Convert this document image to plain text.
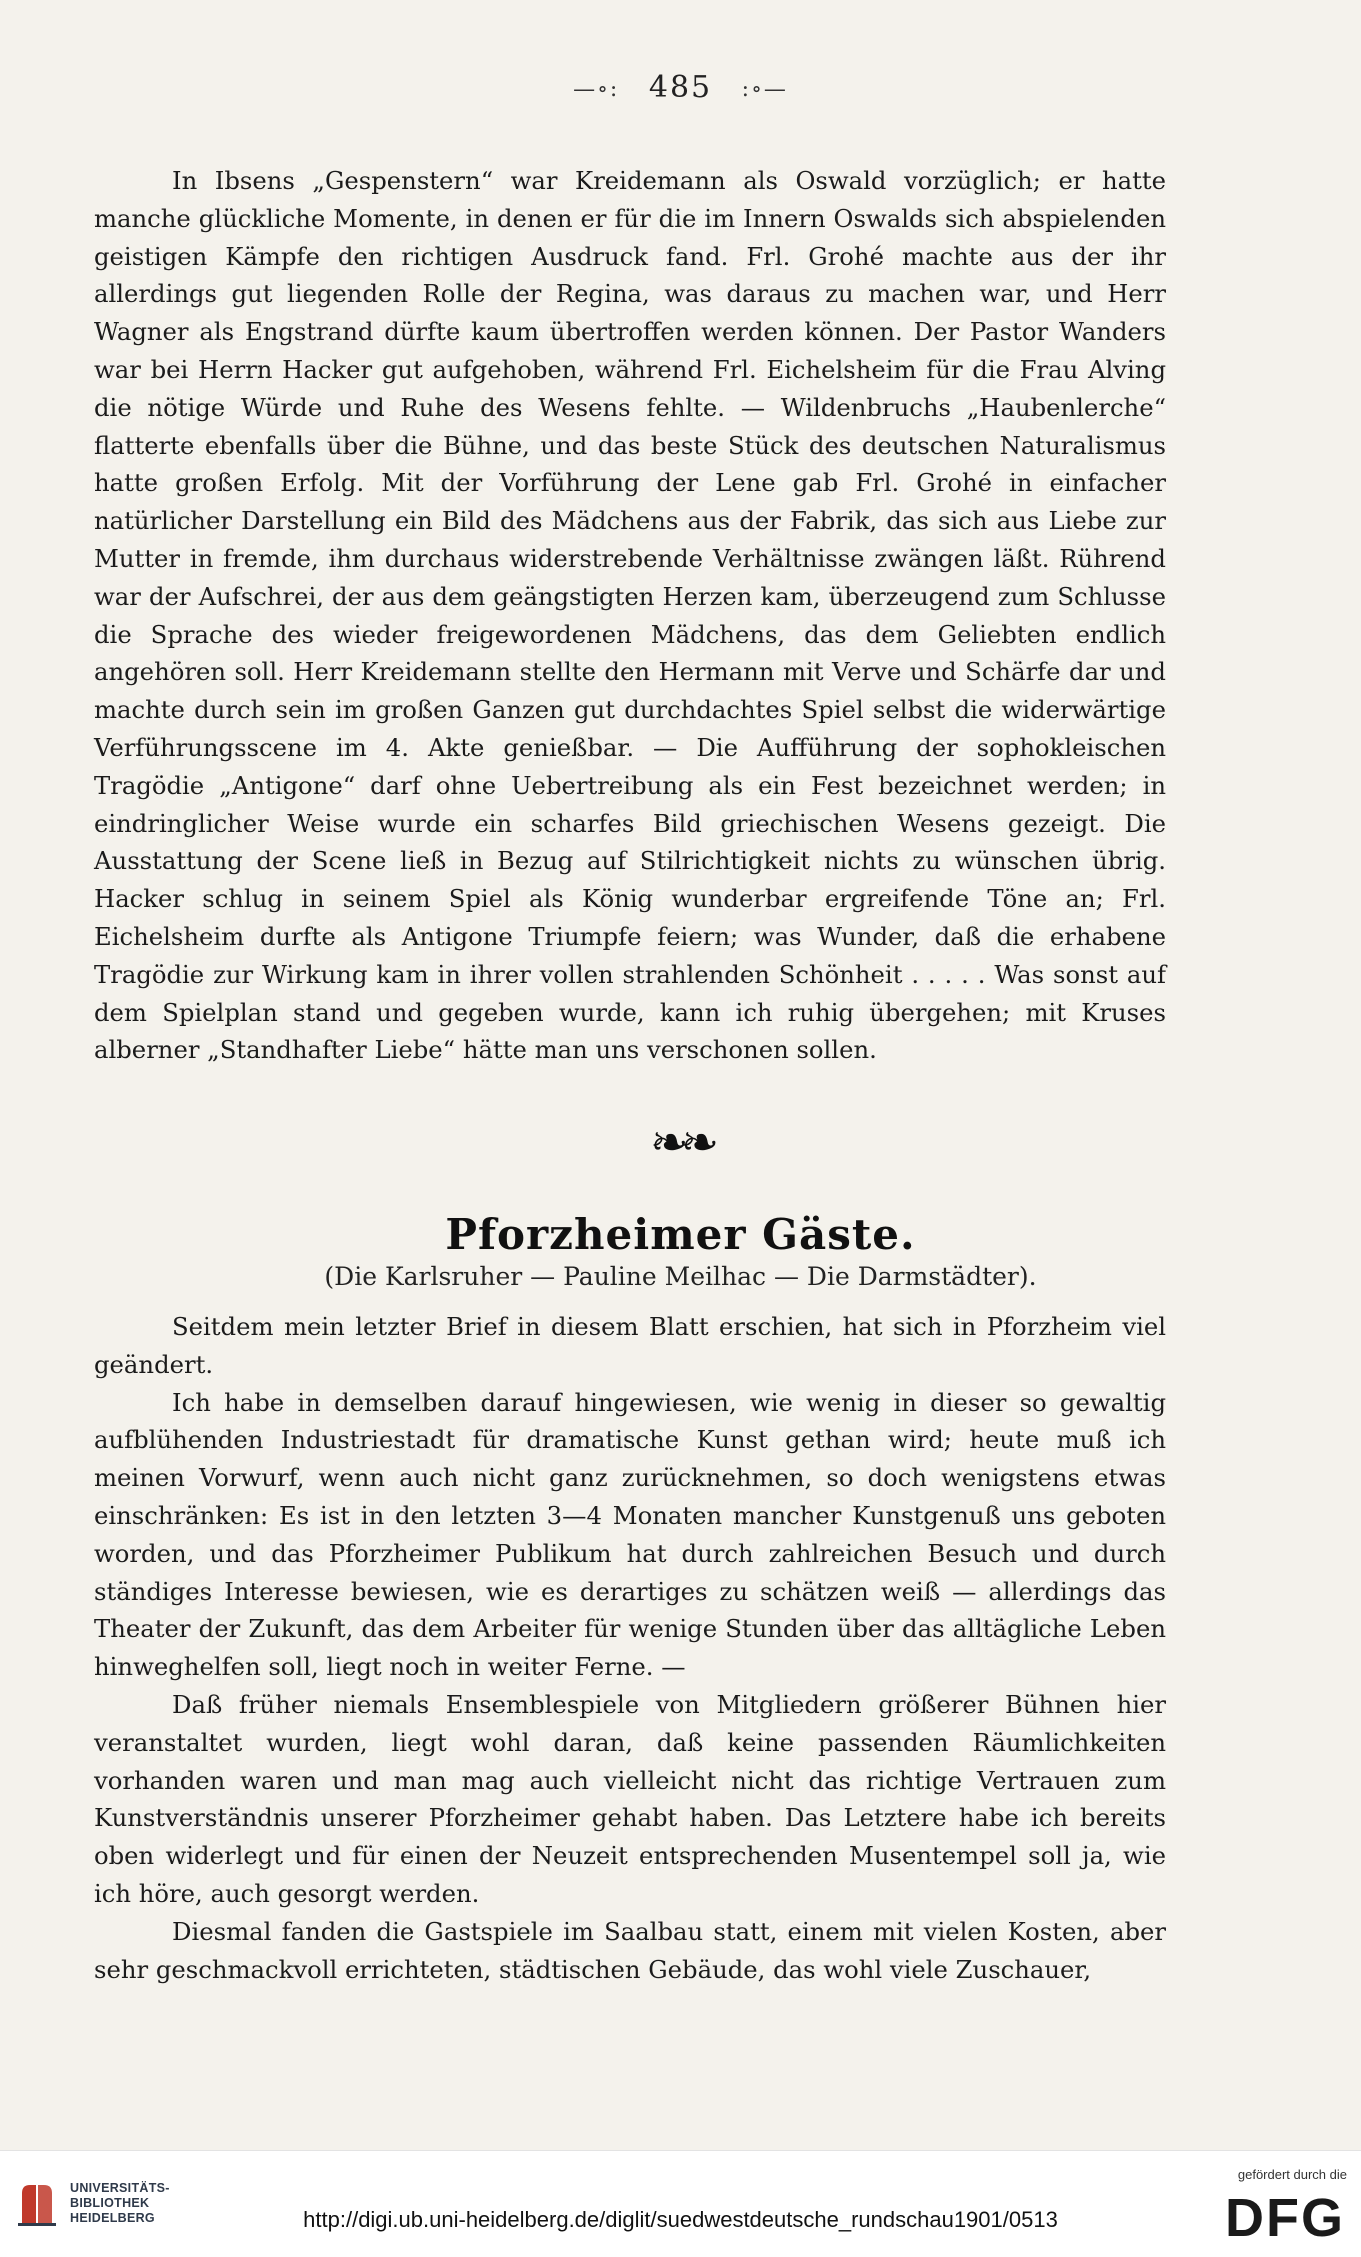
—∘: 485 :∘—

In Ibsens „Gespenstern“ war Kreidemann als Oswald vorzüglich; er hatte manche glückliche Momente, in denen er für die im Innern Oswalds sich abspielenden geistigen Kämpfe den richtigen Ausdruck fand. Frl. Grohé machte aus der ihr allerdings gut liegenden Rolle der Regina, was daraus zu machen war, und Herr Wagner als Engstrand dürfte kaum übertroffen werden können. Der Pastor Wanders war bei Herrn Hacker gut aufgehoben, während Frl. Eichelsheim für die Frau Alving die nötige Würde und Ruhe des Wesens fehlte. — Wildenbruchs „Haubenlerche“ flatterte ebenfalls über die Bühne, und das beste Stück des deutschen Naturalismus hatte großen Erfolg. Mit der Vorführung der Lene gab Frl. Grohé in einfacher natürlicher Darstellung ein Bild des Mädchens aus der Fabrik, das sich aus Liebe zur Mutter in fremde, ihm durchaus widerstrebende Verhältnisse zwängen läßt. Rührend war der Aufschrei, der aus dem geängstigten Herzen kam, überzeugend zum Schlusse die Sprache des wieder freigewordenen Mädchens, das dem Geliebten endlich angehören soll. Herr Kreidemann stellte den Hermann mit Verve und Schärfe dar und machte durch sein im großen Ganzen gut durchdachtes Spiel selbst die widerwärtige Verführungsscene im 4. Akte genießbar. — Die Aufführung der sophokleischen Tragödie „Antigone“ darf ohne Uebertreibung als ein Fest bezeichnet werden; in eindringlicher Weise wurde ein scharfes Bild griechischen Wesens gezeigt. Die Ausstattung der Scene ließ in Bezug auf Stilrichtigkeit nichts zu wünschen übrig. Hacker schlug in seinem Spiel als König wunderbar ergreifende Töne an; Frl. Eichelsheim durfte als Antigone Triumpfe feiern; was Wunder, daß die erhabene Tragödie zur Wirkung kam in ihrer vollen strahlenden Schönheit . . . . . Was sonst auf dem Spielplan stand und gegeben wurde, kann ich ruhig übergehen; mit Kruses alberner „Standhafter Liebe“ hätte man uns verschonen sollen.

❧❧
Pforzheimer Gäste.
(Die Karlsruher — Pauline Meilhac — Die Darmstädter).

Seitdem mein letzter Brief in diesem Blatt erschien, hat sich in Pforzheim viel geändert.

Ich habe in demselben darauf hingewiesen, wie wenig in dieser so gewaltig aufblühenden Industriestadt für dramatische Kunst gethan wird; heute muß ich meinen Vorwurf, wenn auch nicht ganz zurücknehmen, so doch wenigstens etwas einschränken: Es ist in den letzten 3—4 Monaten mancher Kunstgenuß uns geboten worden, und das Pforzheimer Publikum hat durch zahlreichen Besuch und durch ständiges Interesse bewiesen, wie es derartiges zu schätzen weiß — allerdings das Theater der Zukunft, das dem Arbeiter für wenige Stunden über das alltägliche Leben hinweghelfen soll, liegt noch in weiter Ferne. —

Daß früher niemals Ensemblespiele von Mitgliedern größerer Bühnen hier veranstaltet wurden, liegt wohl daran, daß keine passenden Räumlichkeiten vorhanden waren und man mag auch vielleicht nicht das richtige Vertrauen zum Kunstverständnis unserer Pforzheimer gehabt haben. Das Letztere habe ich bereits oben widerlegt und für einen der Neuzeit entsprechenden Musentempel soll ja, wie ich höre, auch gesorgt werden.

Diesmal fanden die Gastspiele im Saalbau statt, einem mit vielen Kosten, aber sehr geschmackvoll errichteten, städtischen Gebäude, das wohl viele Zuschauer,

UNIVERSITÄTS-
BIBLIOTHEK
HEIDELBERG	http://digi.ub.uni-heidelberg.de/diglit/suedwestdeutsche_rundschau1901/0513
gefördert durch die
DFG
